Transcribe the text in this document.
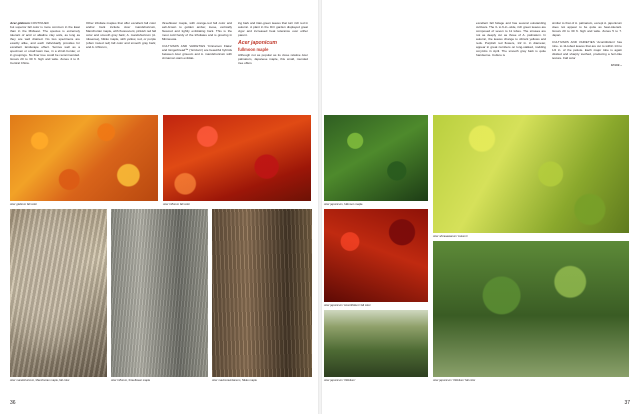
Acer glabrum CONTINUED
but superior fall color is more common in the East than in the Midwest. The species is extremely tolerant of acid or alkaline clay soils, as long as they are well drained. No two specimens are exactly alike, and each individually provides for excellent landscape effect. Somva well as a specimen or small lawn tree, in a shrub border, or in groupings. No finer tree could be recommended. Grows 20 to 30 ft. high and wide. Zones 4 to 8. Central China.

Other trifoliate maples that offer excellent fall color and/or bark include Acer mandshuricum, Manchurian maple, with fluorescent, pinkish red fall color and smooth gray bark; A. mandshuricum (A. nikoense), Nikko maple, with yellow, red, or purple (often muted red) fall color and smooth gray bark; and A. triflorum,

threeflower maple, with orange-red fall color and ash-brown to golden amber, loose, vertically fissured and tightly exfoliating bark. This is the most cold hardy of the trifoliates and is growing in Minnesota.

CULTIVARS AND VARIETIES 'Cinnamon Flake' and Gingerbread™ ('Ginzam') are beautiful hybrids between Acer griseum and A. mandshuricum with cinnamon stain exfoliat-

ing bark and titan-green leaves that turn rich red in autumn. A plant in the Dirr garden displayed great vigor and increased heat tolerance over either parent.

Acer japonicum
fullmoon maple

Although not as popular as its close relative Acer palmatum, Japanese maple, this small, rounded tree offers

excellent fall foliage and has several outstanding cultivars. The 3- to 6-in.-wide, rich green leaves are composed of seven to 11 lobes. The sinuses are not as deeply cut as those of A. palmatum. In autumn, the leaves change to vibrant yellows and reds. Purplish red flowers, 1/2 in. in diameter, appear in great numbers on long-stalked, nodding corymbs in April. The smooth gray bark is quite handsome. Culture is

similar to that of A. palmatum, except A. japonicum does not appear to be quite as heat-tolerant. Grows 20 to 30 ft. high and wide. Zones 5 to 7. Japan.

CULTIVARS AND VARIETIES 'Aconitifolium' has nine- to 11-lobed leaves that are cut to within 1/4 to 1/2 in. of the petiole. Each major lobe is again divided and sharply toothed, producing a fern-like texture. Fall color

MORE »
Acer glabrum fall color	Acer triflorum fall color	Acer japonicum, fullmoon maple
Acer shirasawanum 'Autumn'
Acer mandshuricum, Manchurian maple, fall color	Acer triflorum, threeflower maple	Acer maximowiczianum, Nikko maple
Acer japonicum 'Aconitifolium' fall color
Acer japonicum 'Vitifolium'	Acer japonicum 'Vitifolium' fall color
36	37
